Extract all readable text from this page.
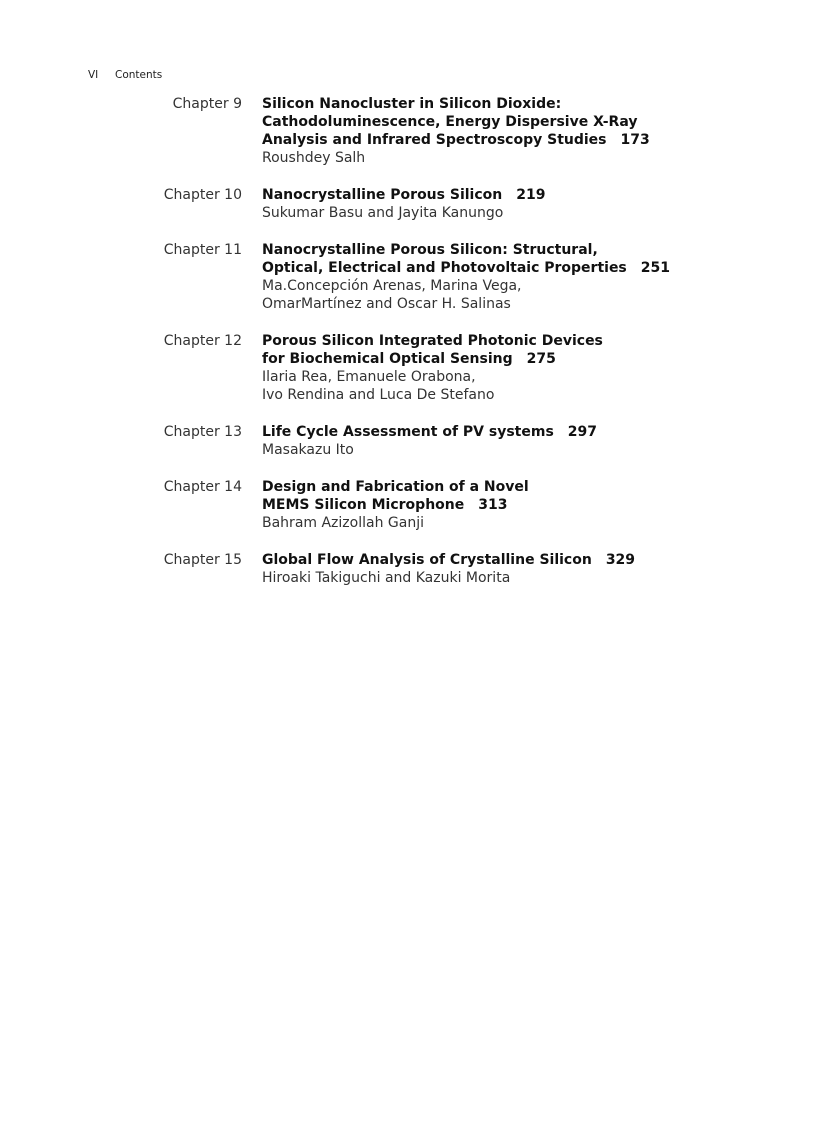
VI Contents
Chapter 9 Silicon Nanocluster in Silicon Dioxide:
Cathodoluminescence, Energy Dispersive X-Ray
Analysis and Infrared Spectroscopy Studies 173
Roushdey Salh
Chapter 10 Nanocrystalline Porous Silicon 219
Sukumar Basu and Jayita Kanungo
Chapter 11 Nanocrystalline Porous Silicon: Structural,
Optical, Electrical and Photovoltaic Properties 251
Ma.Concepción Arenas, Marina Vega,
OmarMartínez and Oscar H. Salinas
Chapter 12 Porous Silicon Integrated Photonic Devices
for Biochemical Optical Sensing 275
Ilaria Rea, Emanuele Orabona,
Ivo Rendina and Luca De Stefano
Chapter 13 Life Cycle Assessment of PV systems 297
Masakazu Ito
Chapter 14 Design and Fabrication of a Novel
MEMS Silicon Microphone 313
Bahram Azizollah Ganji
Chapter 15 Global Flow Analysis of Crystalline Silicon 329
Hiroaki Takiguchi and Kazuki Morita
